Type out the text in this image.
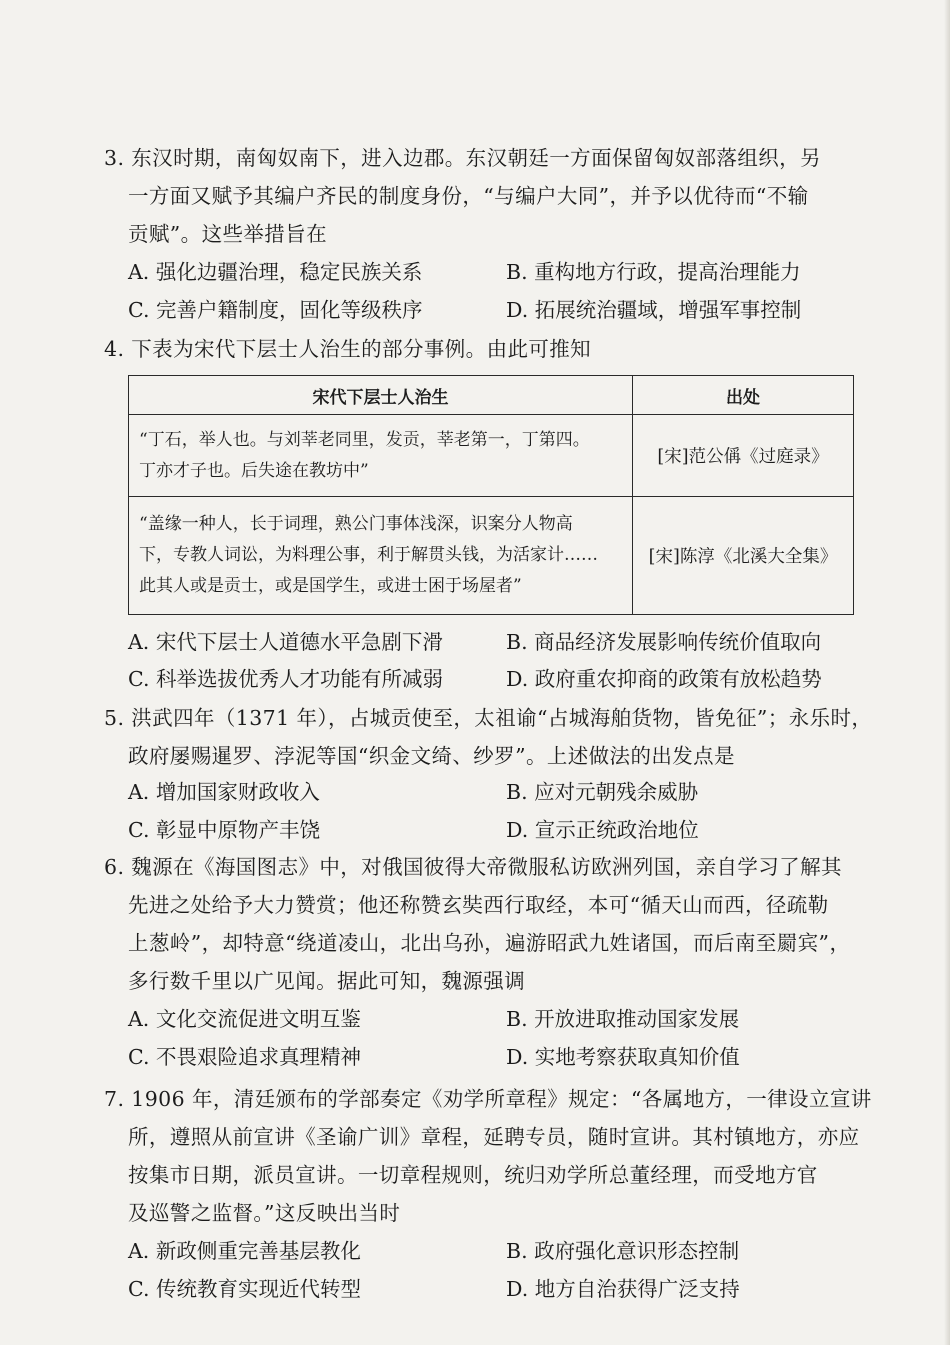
3. 东汉时期，南匈奴南下，进入边郡。东汉朝廷一方面保留匈奴部落组织，另
一方面又赋予其编户齐民的制度身份，“与编户大同”，并予以优待而“不输
贡赋”。这些举措旨在
A. 强化边疆治理，稳定民族关系	B. 重构地方行政，提高治理能力
C. 完善户籍制度，固化等级秩序	D. 拓展统治疆域，增强军事控制
4. 下表为宋代下层士人治生的部分事例。由此可推知
宋代下层士人治生	出处

“丁石，举人也。与刘莘老同里，发贡，莘老第一，丁第四。
丁亦才子也。后失途在教坊中”	[宋]范公偁《过庭录》

“盖缘一种人，长于词理，熟公门事体浅深，识案分人物高
下，专教人词讼，为料理公事，利于解贯头钱，为活家计……
此其人或是贡士，或是国学生，或进士困于场屋者”	[宋]陈淳《北溪大全集》
A. 宋代下层士人道德水平急剧下滑	B. 商品经济发展影响传统价值取向
C. 科举选拔优秀人才功能有所减弱	D. 政府重农抑商的政策有放松趋势
5. 洪武四年（1371 年），占城贡使至，太祖谕“占城海舶货物，皆免征”；永乐时，
政府屡赐暹罗、浡泥等国“织金文绮、纱罗”。上述做法的出发点是
A. 增加国家财政收入	B. 应对元朝残余威胁
C. 彰显中原物产丰饶	D. 宣示正统政治地位
6. 魏源在《海国图志》中，对俄国彼得大帝微服私访欧洲列国，亲自学习了解其
先进之处给予大力赞赏；他还称赞玄奘西行取经，本可“循天山而西，径疏勒
上葱岭”，却特意“绕道凌山，北出乌孙，遍游昭武九姓诸国，而后南至罽宾”，
多行数千里以广见闻。据此可知，魏源强调
A. 文化交流促进文明互鉴	B. 开放进取推动国家发展
C. 不畏艰险追求真理精神	D. 实地考察获取真知价值
7. 1906 年，清廷颁布的学部奏定《劝学所章程》规定：“各属地方，一律设立宣讲
所，遵照从前宣讲《圣谕广训》章程，延聘专员，随时宣讲。其村镇地方，亦应
按集市日期，派员宣讲。一切章程规则，统归劝学所总董经理，而受地方官
及巡警之监督。”这反映出当时
A. 新政侧重完善基层教化	B. 政府强化意识形态控制
C. 传统教育实现近代转型	D. 地方自治获得广泛支持
